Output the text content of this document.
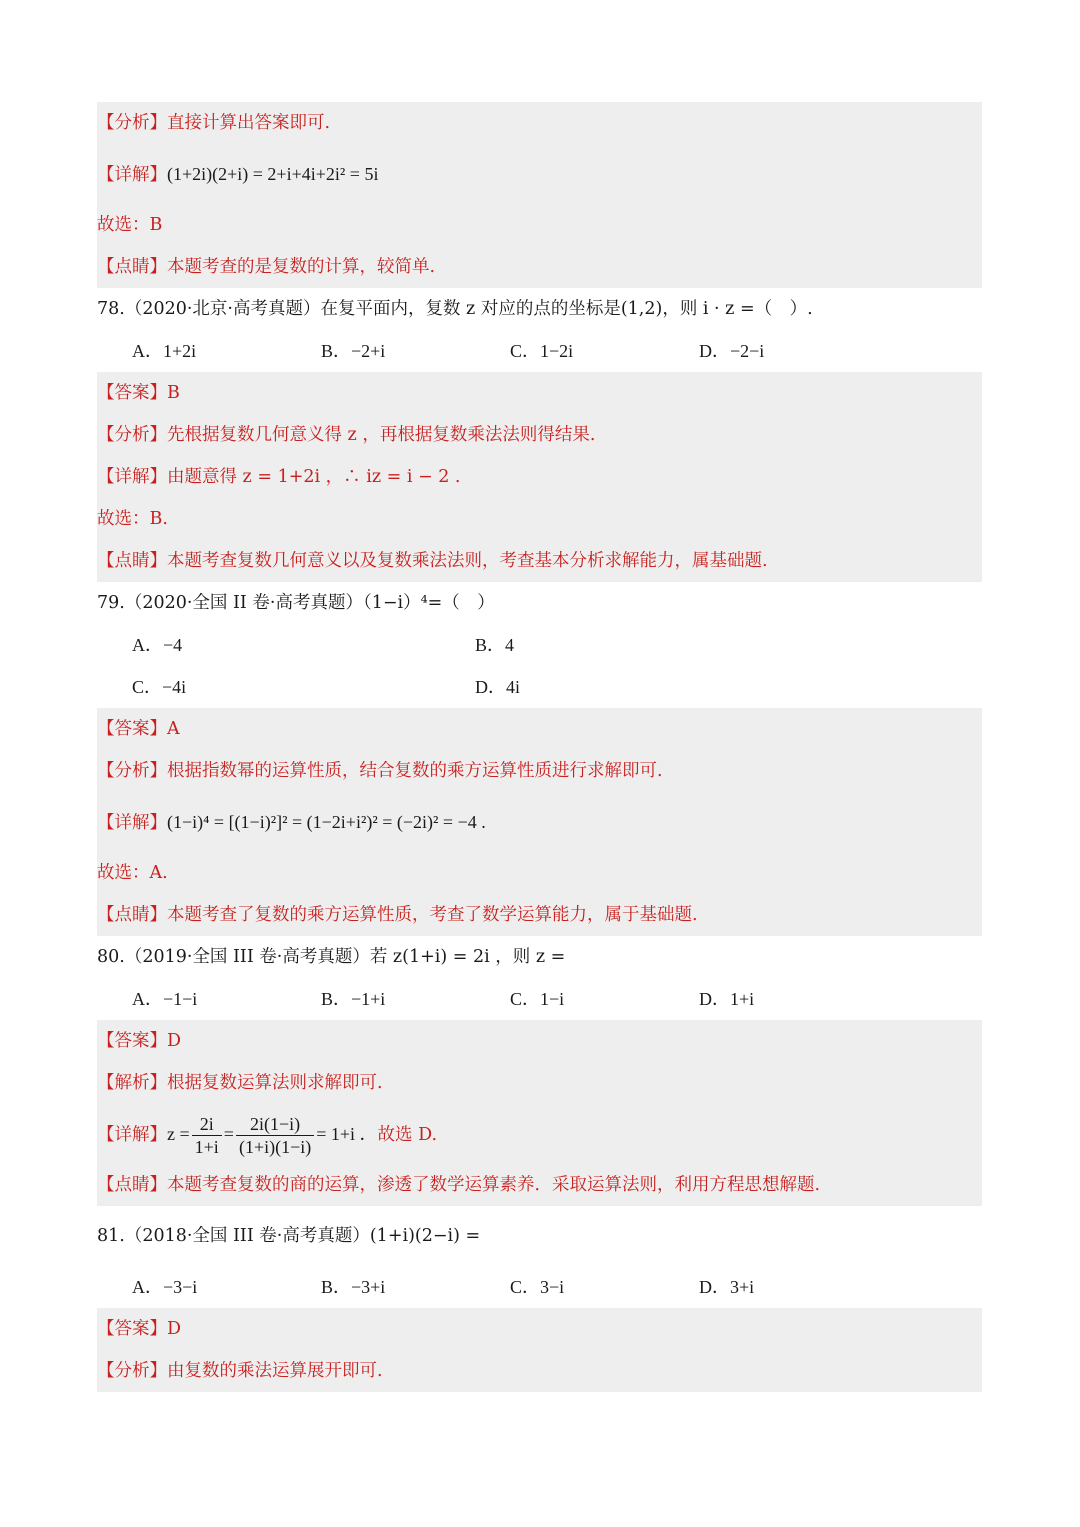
【分析】直接计算出答案即可.
【详解】(1+2i)(2+i) = 2+i+4i+2i² = 5i
故选：B
【点睛】本题考查的是复数的计算，较简单.
78.（2020·北京·高考真题）在复平面内，复数 z 对应的点的坐标是(1,2)，则 i · z =（　）.
A．1+2i	B．−2+i	C．1−2i	D．−2−i
【答案】B
【分析】先根据复数几何意义得 z ，再根据复数乘法法则得结果.
【详解】由题意得 z = 1+2i ，∴ iz = i − 2 .
故选：B.
【点睛】本题考查复数几何意义以及复数乘法法则，考查基本分析求解能力，属基础题.
79.（2020·全国 II 卷·高考真题）（1−i）⁴=（　）
A．−4	B．4
C．−4i	D．4i
【答案】A
【分析】根据指数幂的运算性质，结合复数的乘方运算性质进行求解即可.
【详解】(1−i)⁴ = [(1−i)²]² = (1−2i+i²)² = (−2i)² = −4 .
故选：A.
【点睛】本题考查了复数的乘方运算性质，考查了数学运算能力，属于基础题.
80.（2019·全国 III 卷·高考真题）若 z(1+i) = 2i ，则 z =
A．−1−i	B．−1+i	C．1−i	D．1+i
【答案】D
【解析】根据复数运算法则求解即可.
【详解】$z = \frac{2i}{1+i} = \frac{2i(1-i)}{(1+i)(1-i)} = 1+i$ ．故选 D.
【点睛】本题考查复数的商的运算，渗透了数学运算素养．采取运算法则，利用方程思想解题.
81.（2018·全国 III 卷·高考真题）(1+i)(2−i) =
A．−3−i	B．−3+i	C．3−i	D．3+i
【答案】D
【分析】由复数的乘法运算展开即可.
